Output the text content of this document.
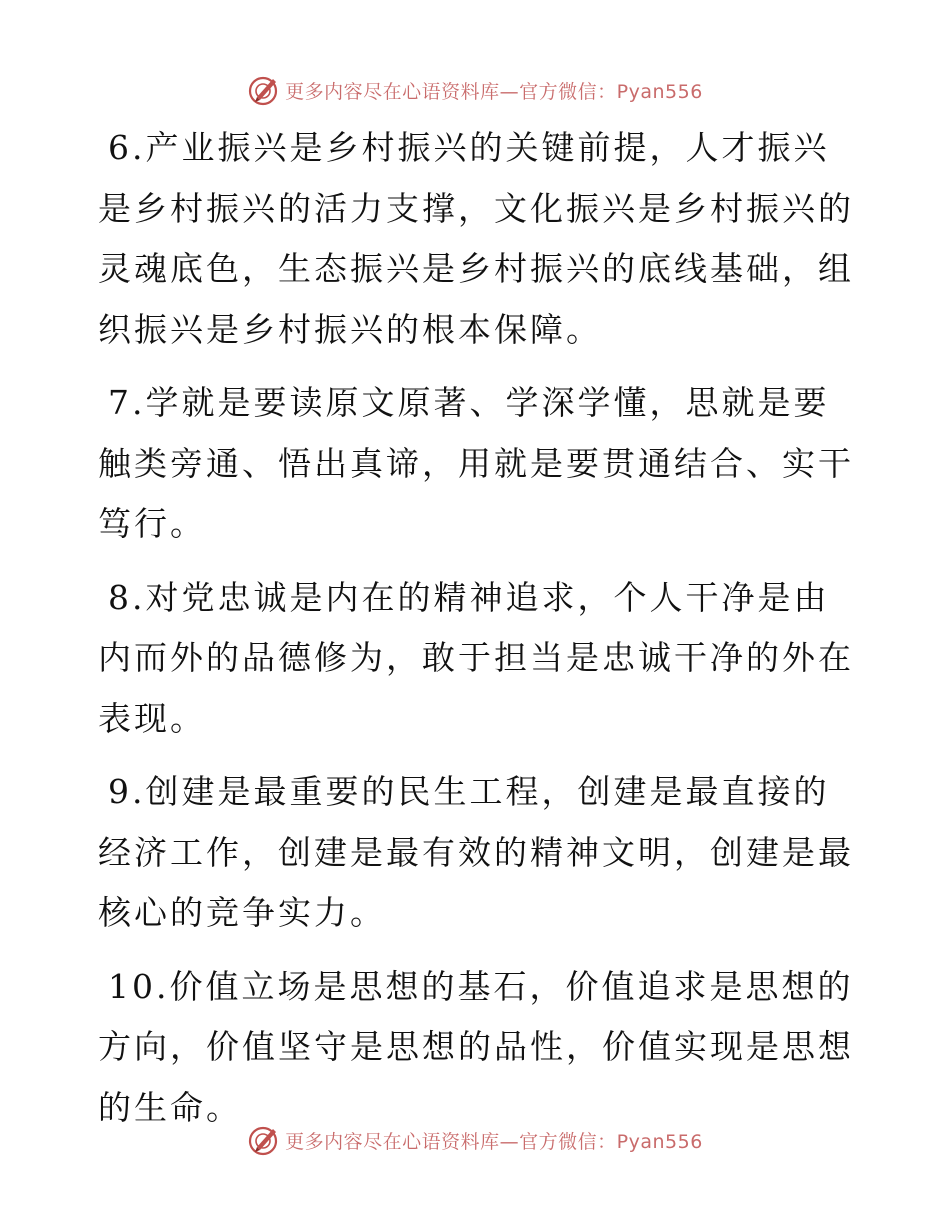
更多内容尽在心语资料库—官方微信：Pyan556

6.产业振兴是乡村振兴的关键前提，人才振兴是乡村振兴的活力支撑，文化振兴是乡村振兴的灵魂底色，生态振兴是乡村振兴的底线基础，组织振兴是乡村振兴的根本保障。

7.学就是要读原文原著、学深学懂，思就是要触类旁通、悟出真谛，用就是要贯通结合、实干笃行。

8.对党忠诚是内在的精神追求，个人干净是由内而外的品德修为，敢于担当是忠诚干净的外在表现。

9.创建是最重要的民生工程，创建是最直接的经济工作，创建是最有效的精神文明，创建是最核心的竞争实力。

10.价值立场是思想的基石，价值追求是思想的方向，价值坚守是思想的品性，价值实现是思想的生命。

更多内容尽在心语资料库—官方微信：Pyan556
